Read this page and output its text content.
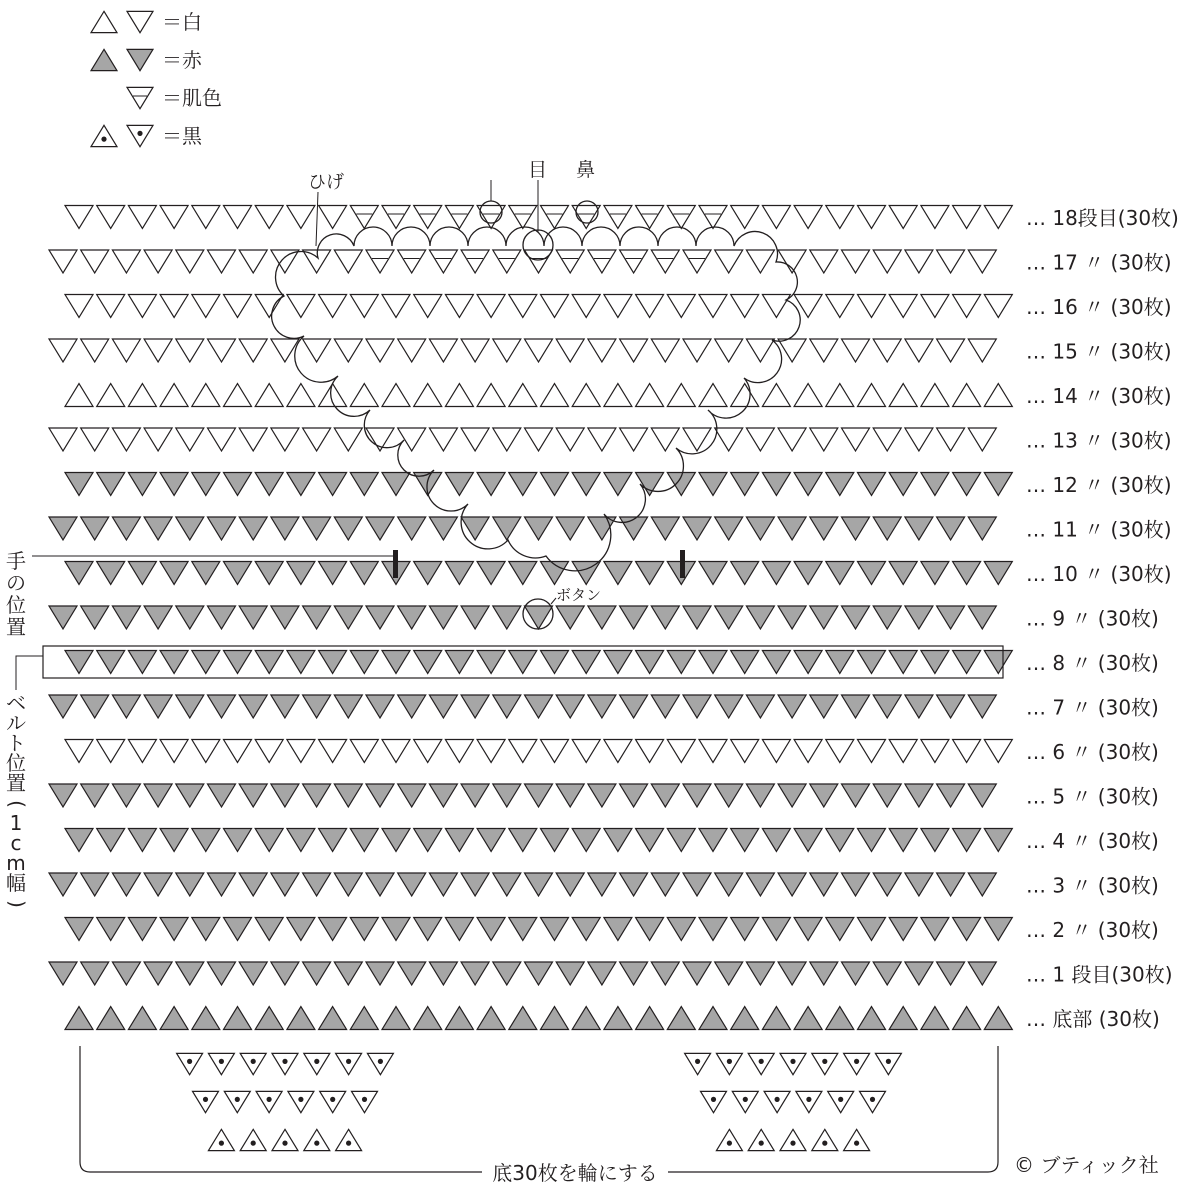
＝白
＝赤
＝肌色
＝黒
… 18段目(30枚)
… 17 〃 (30枚)
… 16 〃 (30枚)
… 15 〃 (30枚)
… 14 〃 (30枚)
… 13 〃 (30枚)
… 12 〃 (30枚)
… 11 〃 (30枚)
… 10 〃 (30枚)
… 9 〃 (30枚)
… 8 〃 (30枚)
… 7 〃 (30枚)
… 6 〃 (30枚)
… 5 〃 (30枚)
… 4 〃 (30枚)
… 3 〃 (30枚)
… 2 〃 (30枚)
… 1 段目(30枚)
… 底部 (30枚)
ひげ
目 鼻
ボタン
底30枚を輪にする	© ブティック社
手
の
位
置
ベ
ル
ト
位
置
(
1
c
m
幅
)
